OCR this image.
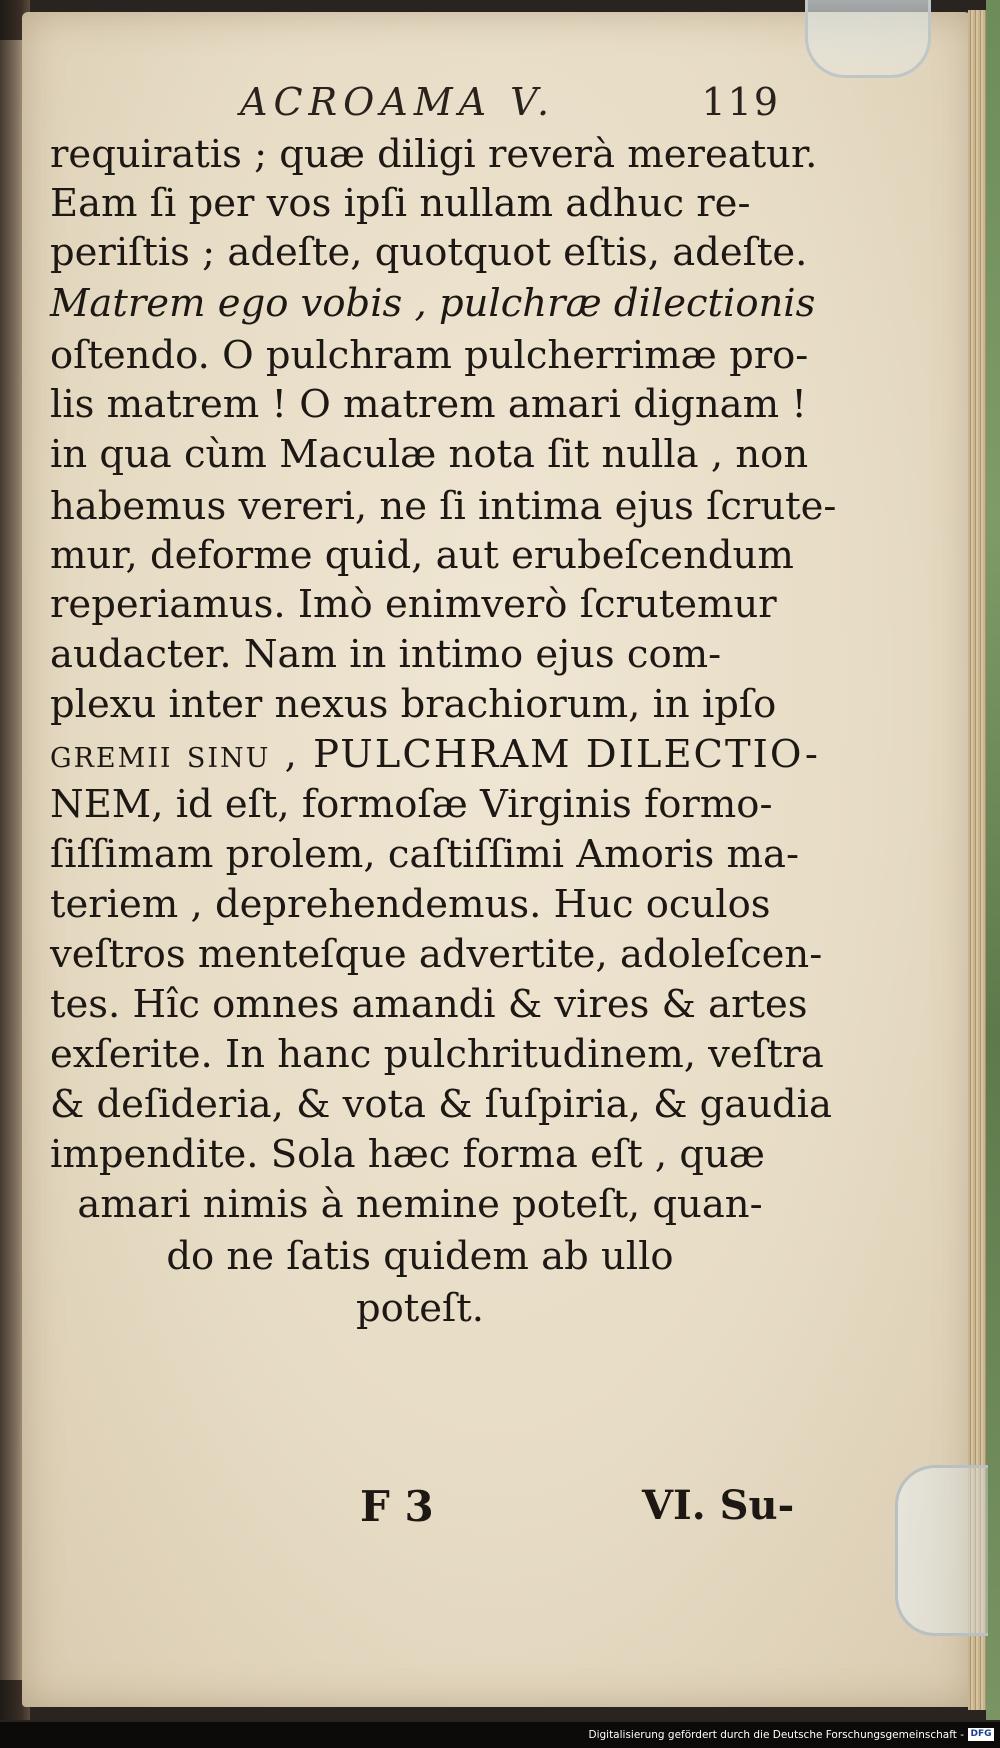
ACROAMA V.	119
requiratis ; quæ diligi reverà mereatur.
Eam ſi per vos ipſi nullam adhuc re-
periſtis ; adeſte, quotquot eſtis, adeſte.
Matrem ego vobis , pulchræ dilectionis
oſtendo. O pulchram pulcherrimæ pro-
lis matrem ! O matrem amari dignam !
in qua cùm Maculæ nota ſit nulla , non
habemus vereri, ne ſi intima ejus ſcrute-
mur, deforme quid, aut erubeſcendum
reperiamus. Imò enimverò ſcrutemur
audacter. Nam in intimo ejus com-
plexu inter nexus brachiorum, in ipſo
gremii ſinu , PULCHRAM DILECTIO-
NEM, id eſt, formoſæ Virginis formo-
ſiſſimam prolem, caſtiſſimi Amoris ma-
teriem , deprehendemus. Huc oculos
veſtros menteſque advertite, adoleſcen-
tes. Hîc omnes amandi & vires & artes
exſerite. In hanc pulchritudinem, veſtra
& deſideria, & vota & ſuſpiria, & gaudia
impendite. Sola hæc forma eſt , quæ
amari nimis à nemine poteſt, quan-
do ne ſatis quidem ab ullo
poteſt.
F 3	VI. Su-
Digitalisierung gefördert durch die Deutsche Forschungsgemeinschaft - DFG
